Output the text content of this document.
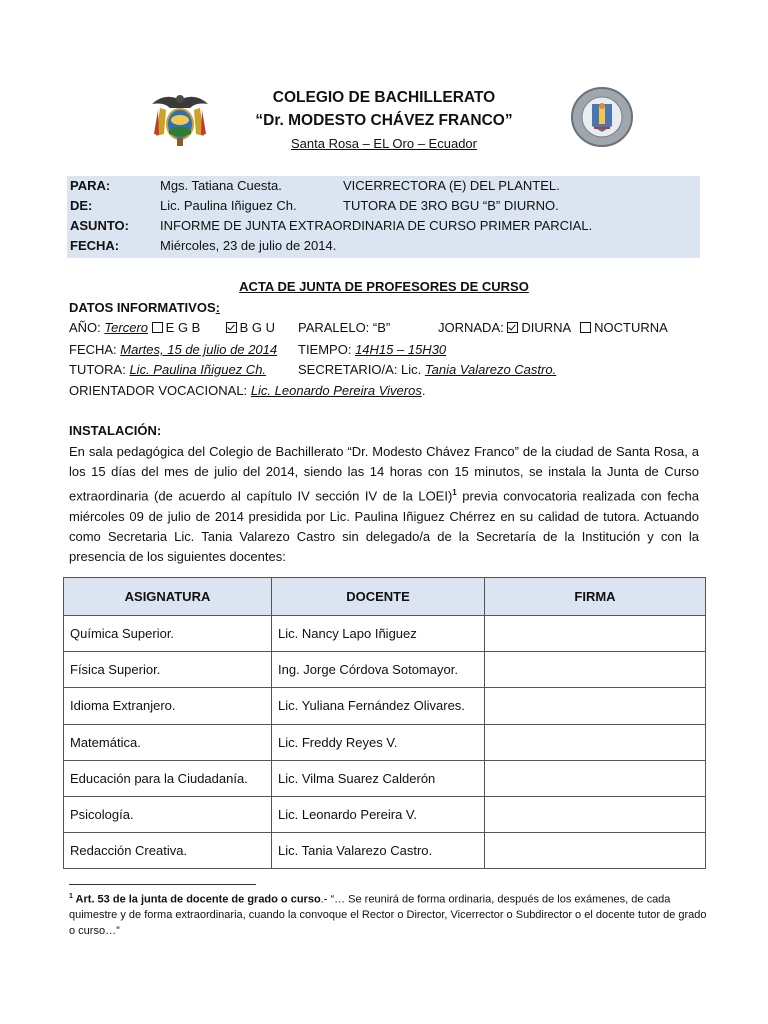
COLEGIO DE BACHILLERATO
“Dr. MODESTO CHÁVEZ FRANCO”
Santa Rosa – EL Oro – Ecuador
PARA:	Mgs. Tatiana Cuesta.	VICERRECTORA (E) DEL PLANTEL.
DE:	Lic. Paulina Iñiguez Ch.	TUTORA DE 3RO BGU “B” DIURNO.
ASUNTO: INFORME DE JUNTA EXTRAORDINARIA DE CURSO PRIMER PARCIAL.
FECHA:	Miércoles, 23 de julio de 2014.
ACTA DE JUNTA DE PROFESORES DE CURSO
DATOS INFORMATIVOS:
AÑO: Tercero E G B	B G U PARALELO: “B”	JORNADA: DIURNA NOCTURNA
FECHA: Martes, 15 de julio de 2014 TIEMPO: 14H15 – 15H30
TUTORA: Lic. Paulina Iñiguez Ch. SECRETARIO/A: Lic. Tania Valarezo Castro.
ORIENTADOR VOCACIONAL: Lic. Leonardo Pereira Viveros.
INSTALACIÓN:
En sala pedagógica del Colegio de Bachillerato “Dr. Modesto Chávez Franco” de la ciudad de Santa Rosa, a los 15 días del mes de julio del 2014, siendo las 14 horas con 15 minutos, se instala la Junta de Curso extraordinaria (de acuerdo al capítulo IV sección IV de la LOEI)$^1$ previa convocatoria realizada con fecha miércoles 09 de julio de 2014 presidida por Lic. Paulina Iñiguez Chérrez en su calidad de tutora. Actuando como Secretaria Lic. Tania Valarezo Castro sin delegado/a de la Secretaría de la Institución y con la presencia de los siguientes docentes:
ASIGNATURA	DOCENTE	FIRMA
Química Superior.	Lic. Nancy Lapo Iñiguez	
Física Superior.	Ing. Jorge Córdova Sotomayor.	
Idioma Extranjero.	Lic. Yuliana Fernández Olivares.	
Matemática.	Lic. Freddy Reyes V.	
Educación para la Ciudadanía.	Lic. Vilma Suarez Calderón	
Psicología.	Lic. Leonardo Pereira V.	
Redacción Creativa.	Lic. Tania Valarezo Castro.	
$^1$ Art. 53 de la junta de docente de grado o curso.- “… Se reunirá de forma ordinaria, después de los exámenes, de cada quimestre y de forma extraordinaria, cuando la convoque el Rector o Director, Vicerrector o Subdirector o el docente tutor de grado o curso…”
